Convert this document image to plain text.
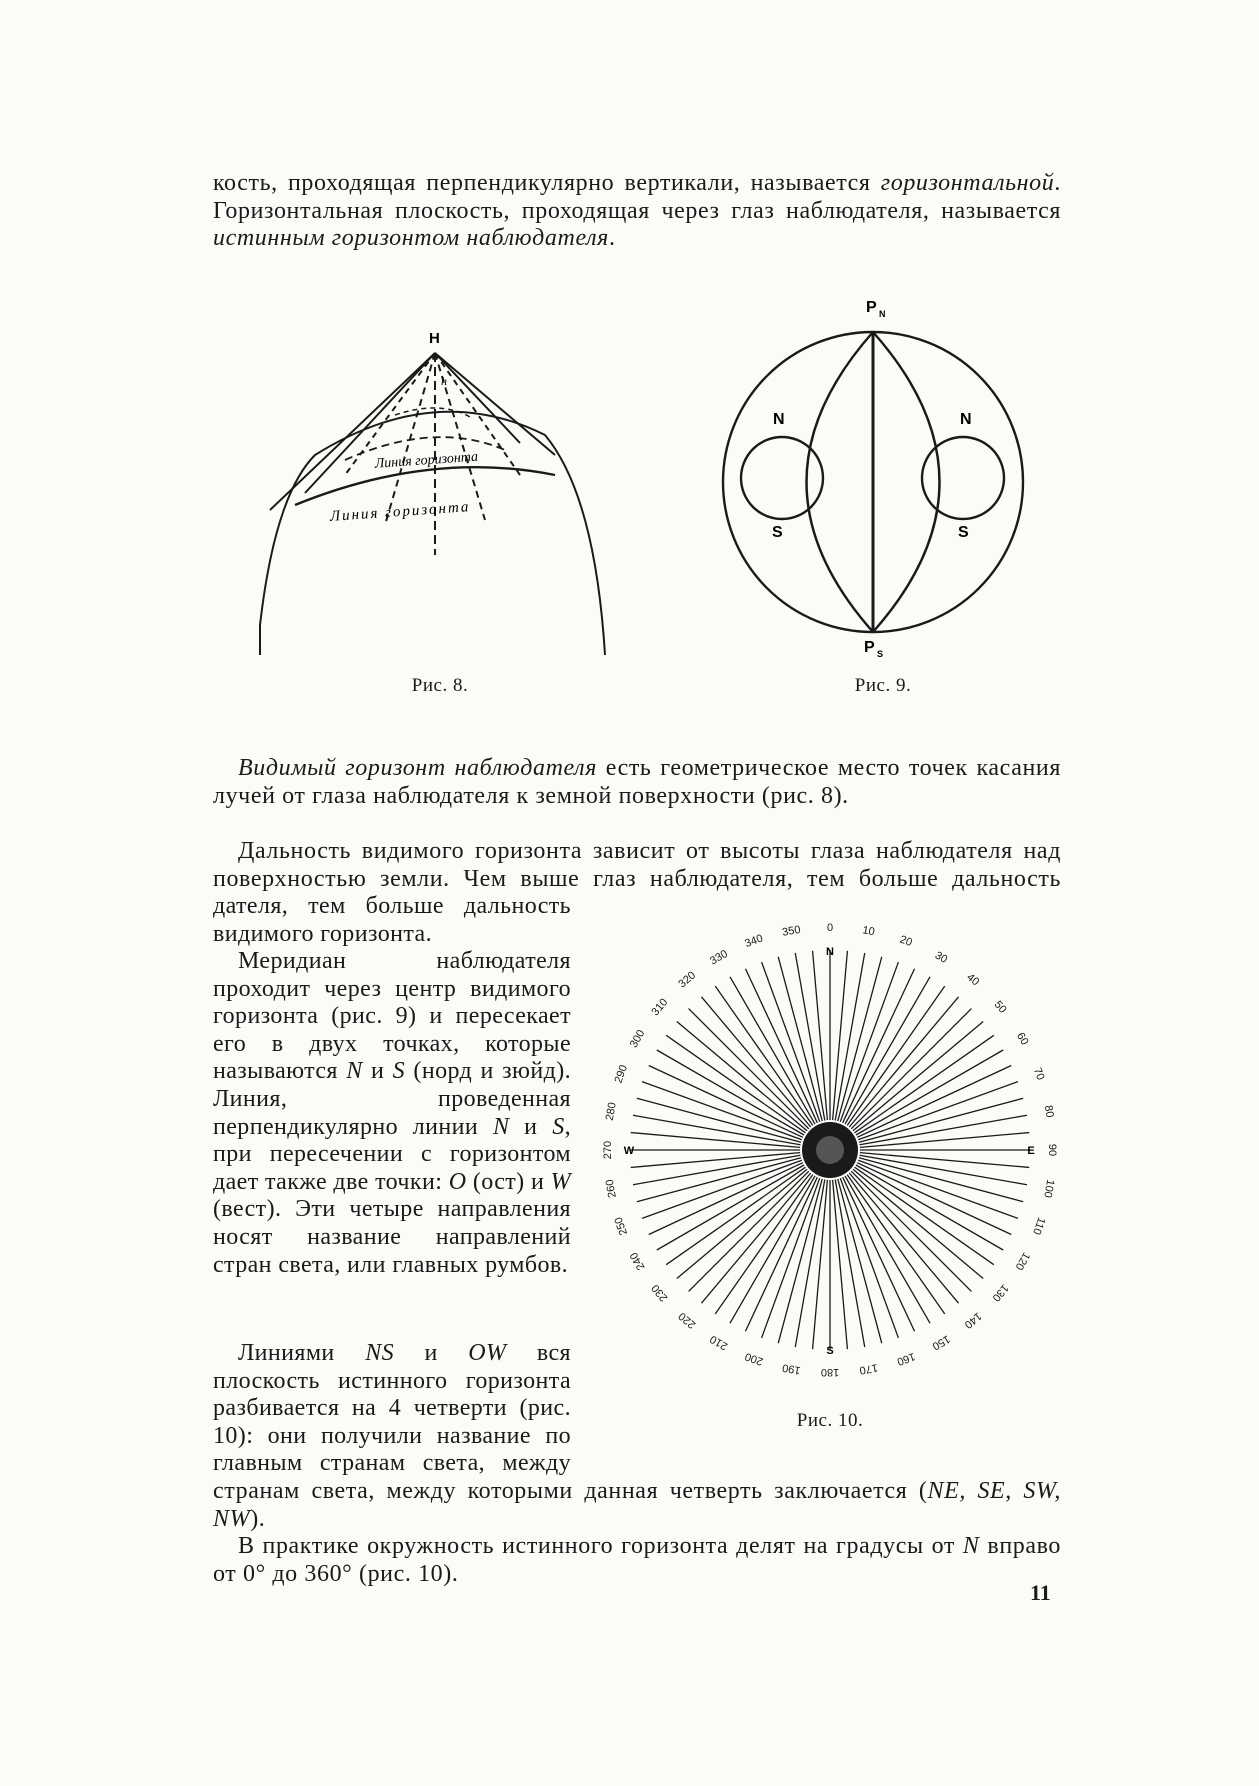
кость, проходящая перпендикулярно вертикали, называется горизонтальной. Горизонтальная плоскость, проходящая через глаз наблюдателя, называется истинным горизонтом наблюдателя.
Н
h
Линия горизонта
Линия горизонта
Рис. 8.
Р N
Р S
N
S
N
S
Рис. 9.
Видимый горизонт наблюдателя есть геометрическое место точек касания лучей от глаза наблюдателя к земной поверхности (рис. 8).
Дальность видимого горизонта зависит от высоты глаза наблюдателя над поверхностью земли. Чем выше глаз наблюдателя, тем больше дальность
дателя, тем больше дальность видимого горизонта.
Меридиан наблюдателя проходит через центр видимого горизонта (рис. 9) и пересекает его в двух точках, которые называются N и S (норд и зюйд). Линия, проведенная перпендикулярно линии N и S, при пересечении с горизонтом дает также две точки: O (ост) и W (вест). Эти четыре направления носят название направлений стран света, или главных румбов.
Линиями NS и OW вся плоскость истинного горизонта разбивается на 4 четверти (рис. 10): они получили название по главным странам света, между
странам света, между которыми данная четверть заключается (NE, SE, SW, NW).
В практике окружность истинного горизонта делят на градусы от N вправо от 0° до 360° (рис. 10).
0	10
20
30
40
50
60
70
80
90
100
110
120
130
140
150
160
170
180
190
200
210
220
230
240
250
260
270
280
290
300
310
320
330
340
350
N
S
E
W
Рис. 10.
11
